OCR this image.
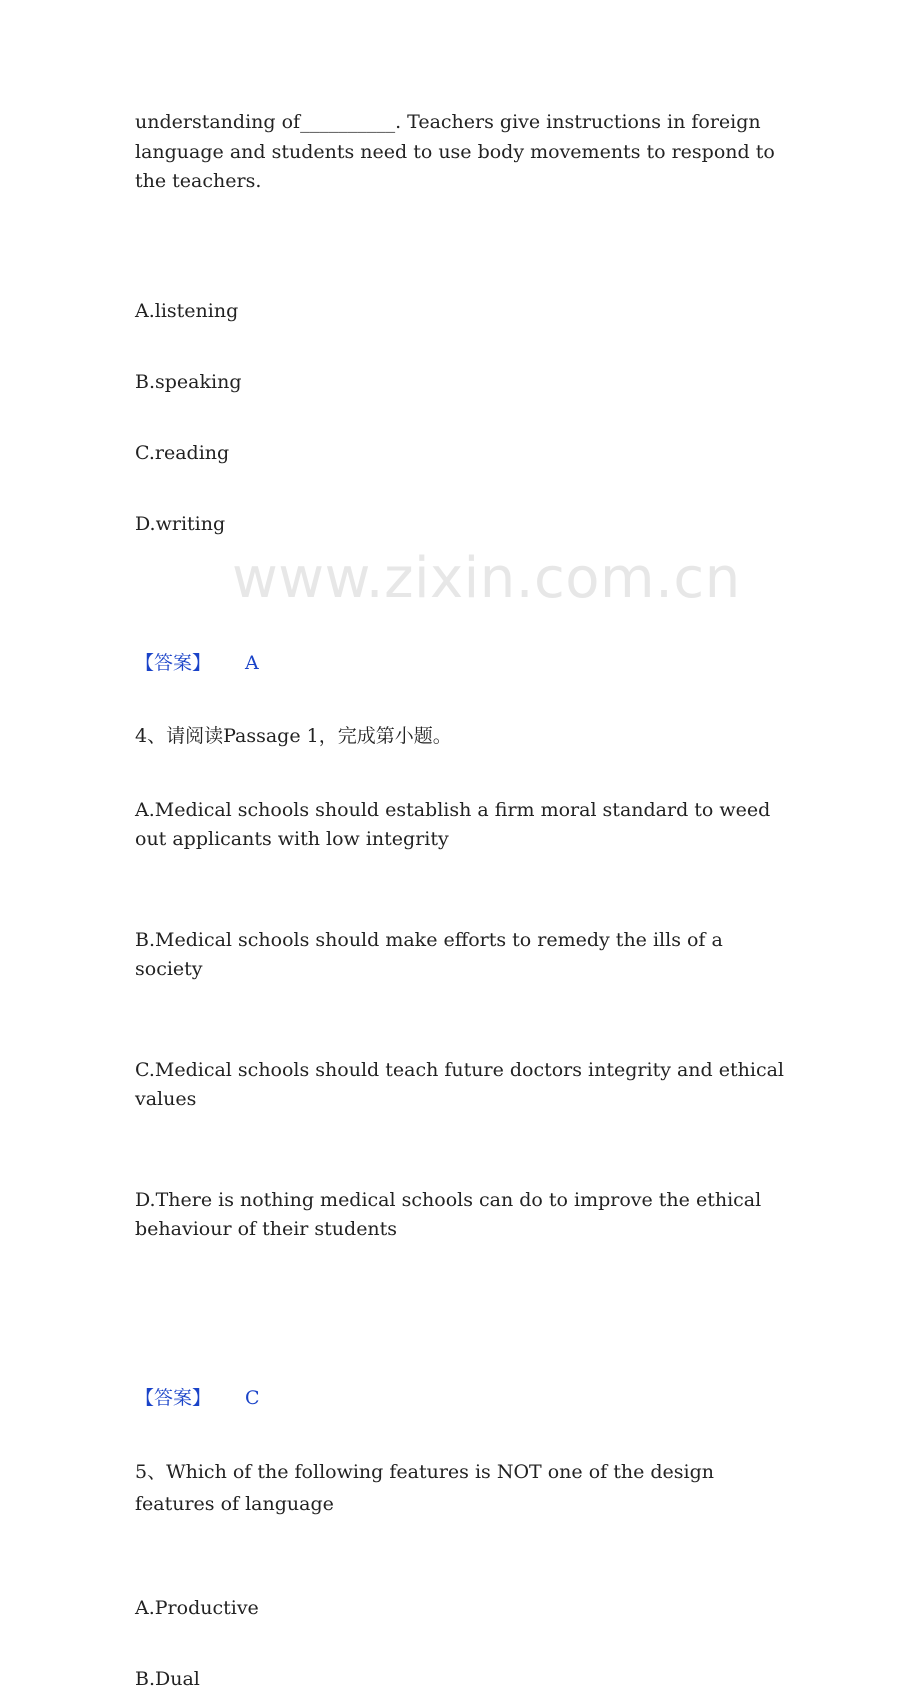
www.zixin.com.cn
understanding of__________. Teachers give instructions in foreign language and students need to use body movements to respond to the teachers.
A.listening
B.speaking
C.reading
D.writing
【答案】 A
4、请阅读Passage 1，完成第小题。
A.Medical schools should establish a firm moral standard to weed out applicants with low integrity
B.Medical schools should make efforts to remedy the ills of a society
C.Medical schools should teach future doctors integrity and ethical values
D.There is nothing medical schools can do to improve the ethical behaviour of their students
【答案】 C
5、Which of the following features is NOT one of the design features of language
A.Productive
B.Dual
